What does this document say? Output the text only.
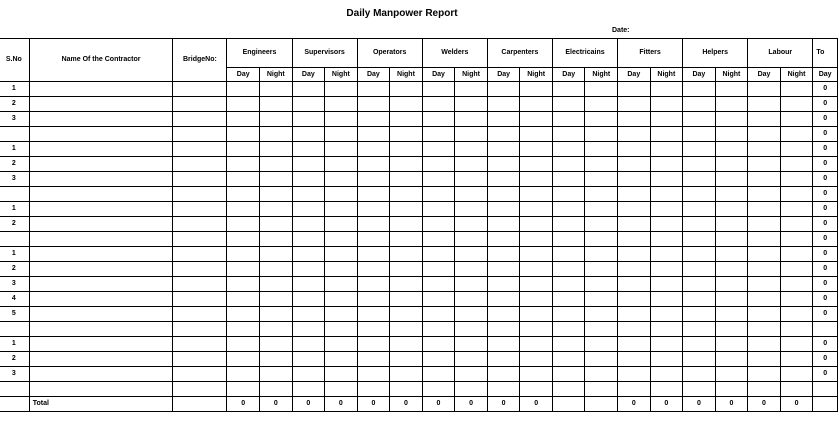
Daily Manpower Report
Date:
S.No	Name Of the Contractor	BridgeNo:	Engineers		Supervisors		Operators		Welders		Carpenters		Electricains		Fitters		Helpers		Labour		To
			Day	Night	Day	Night	Day	Night	Day	Night	Day	Night	Day	Night	Day	Night	Day	Night	Day	Night	Day
1																					0
2																					0
3																					0
																					0
1																					0
2																					0
3																					0
																					0
1																					0
2																					0
																					0
1																					0
2																					0
3																					0
4																					0
5																					0

1																					0
2																					0
3																					0

	Total		0	0	0	0	0	0	0	0	0	0			0	0	0	0	0	0	
